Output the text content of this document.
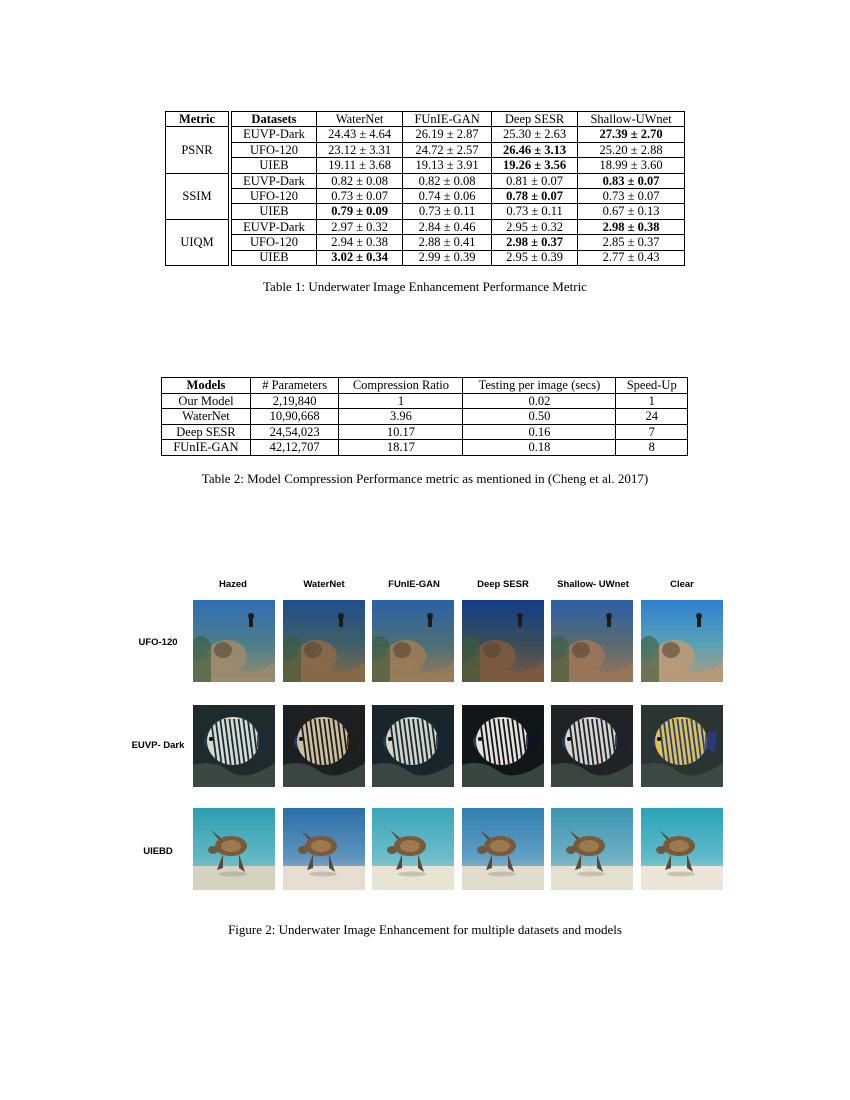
Metric	Datasets	WaterNet	FUnIE-GAN	Deep SESR	Shallow-UWnet
PSNR	EUVP-Dark	24.43 ± 4.64	26.19 ± 2.87	25.30 ± 2.63	27.39 ± 2.70
	UFO-120	23.12 ± 3.31	24.72 ± 2.57	26.46 ± 3.13	25.20 ± 2.88
	UIEB	19.11 ± 3.68	19.13 ± 3.91	19.26 ± 3.56	18.99 ± 3.60
SSIM	EUVP-Dark	0.82 ± 0.08	0.82 ± 0.08	0.81 ± 0.07	0.83 ± 0.07
	UFO-120	0.73 ± 0.07	0.74 ± 0.06	0.78 ± 0.07	0.73 ± 0.07
	UIEB	0.79 ± 0.09	0.73 ± 0.11	0.73 ± 0.11	0.67 ± 0.13
UIQM	EUVP-Dark	2.97 ± 0.32	2.84 ± 0.46	2.95 ± 0.32	2.98 ± 0.38
	UFO-120	2.94 ± 0.38	2.88 ± 0.41	2.98 ± 0.37	2.85 ± 0.37
	UIEB	3.02 ± 0.34	2.99 ± 0.39	2.95 ± 0.39	2.77 ± 0.43
Table 1: Underwater Image Enhancement Performance Metric
Models	# Parameters	Compression Ratio	Testing per image (secs)	Speed-Up
Our Model	2,19,840	1	0.02	1
WaterNet	10,90,668	3.96	0.50	24
Deep SESR	24,54,023	10.17	0.16	7
FUnIE-GAN	42,12,707	18.17	0.18	8
Table 2: Model Compression Performance metric as mentioned in (Cheng et al. 2017)
Hazed	WaterNet	FUnIE-GAN	Deep SESR	Shallow- UWnet	Clear
UFO-120
EUVP- Dark
UIEBD
Figure 2: Underwater Image Enhancement for multiple datasets and models
